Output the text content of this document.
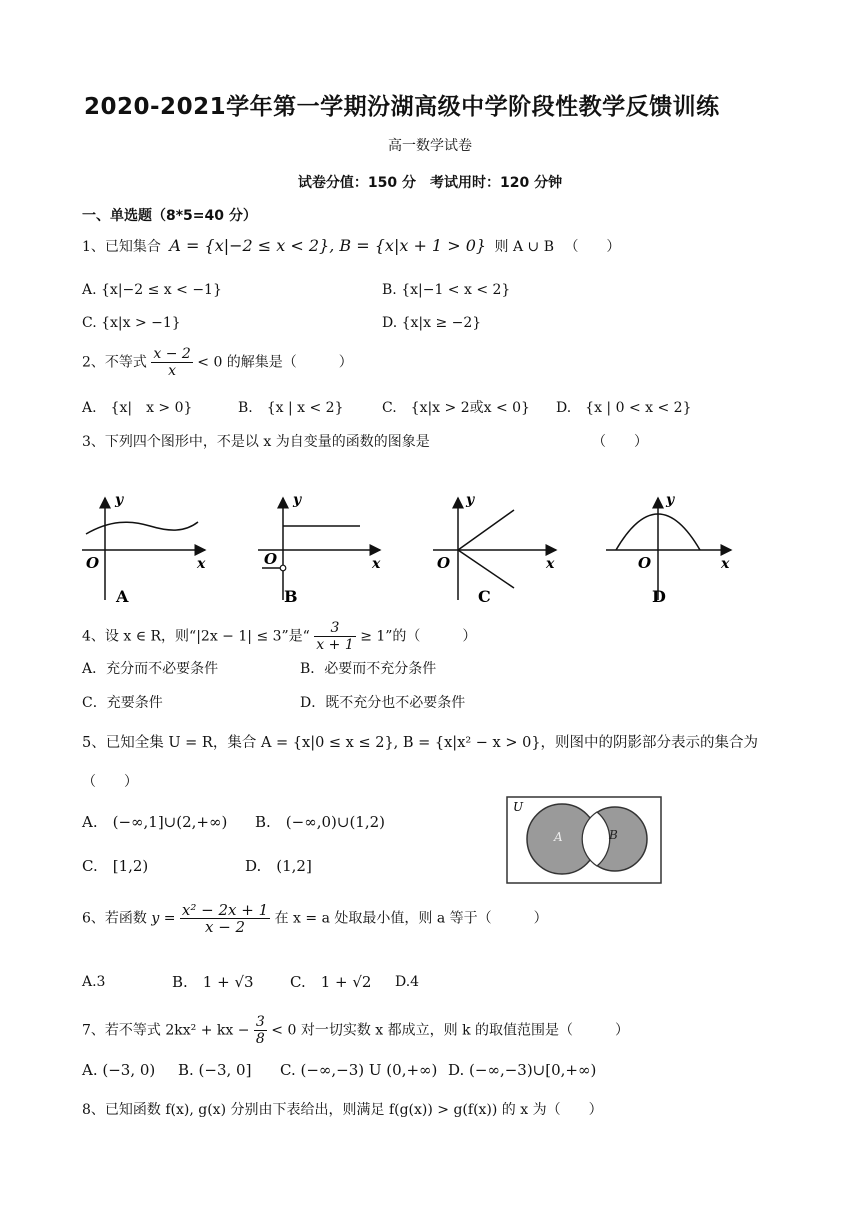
2020-2021学年第一学期汾湖高级中学阶段性教学反馈训练
高一数学试卷
试卷分值：150 分　考试用时：120 分钟
一、单选题（8*5=40 分）
1、已知集合 A = {x|−2 ≤ x < 2}, B = {x|x + 1 > 0} 则 A ∪ B （　　）
A. {x|−2 ≤ x < −1}	B. {x|−1 < x < 2}
C. {x|x > −1}	D. {x|x ≥ −2}
2、不等式 $\frac{x - 2}{x} < 0$ 的解集是（　　　）
A.　{x|　x > 0}	B.　{x | x < 2}	C.　{x|x > 2或x < 0} D.　{x | 0 < x < 2}
3、下列四个图形中，不是以 x 为自变量的函数的图象是	（　　）
y
x
O
A
y
x
O
B
y
x
O
C
y
x
O
D
4、设 x ∈ R，则“|2x − 1| ≤ 3”是“ $\frac{3}{x + 1} \ge 1$”的（　　　）
A．充分而不必要条件	B．必要而不充分条件
C．充要条件	D．既不充分也不必要条件
5、已知全集 U = R，集合 A = {x|0 ≤ x ≤ 2}, B = {x|x² − x > 0}，则图中的阴影部分表示的集合为
（　　）
A.　(−∞,1]∪(2,+∞) B.　(−∞,0)∪(1,2)
C.　[1,2)	D.　(1,2]
U
A	B
6、若函数 $y = \frac{\text{x² − 2x + 1}}{x - 2}$ 在 x = a 处取最小值，则 a 等于（　　　）
A.3	B.　1 + √3 C.　1 + √2 D.4
7、若不等式 2kx² + kx − $\frac{3}{8} < 0$ 对一切实数 x 都成立，则 k 的取值范围是（　　　）
A. (−3, 0) B. (−3, 0] C. (−∞,−3) U (0,+∞) D. (−∞,−3)∪[0,+∞)
8、已知函数 f(x), g(x) 分别由下表给出，则满足 f(g(x)) > g(f(x)) 的 x 为（　　）
